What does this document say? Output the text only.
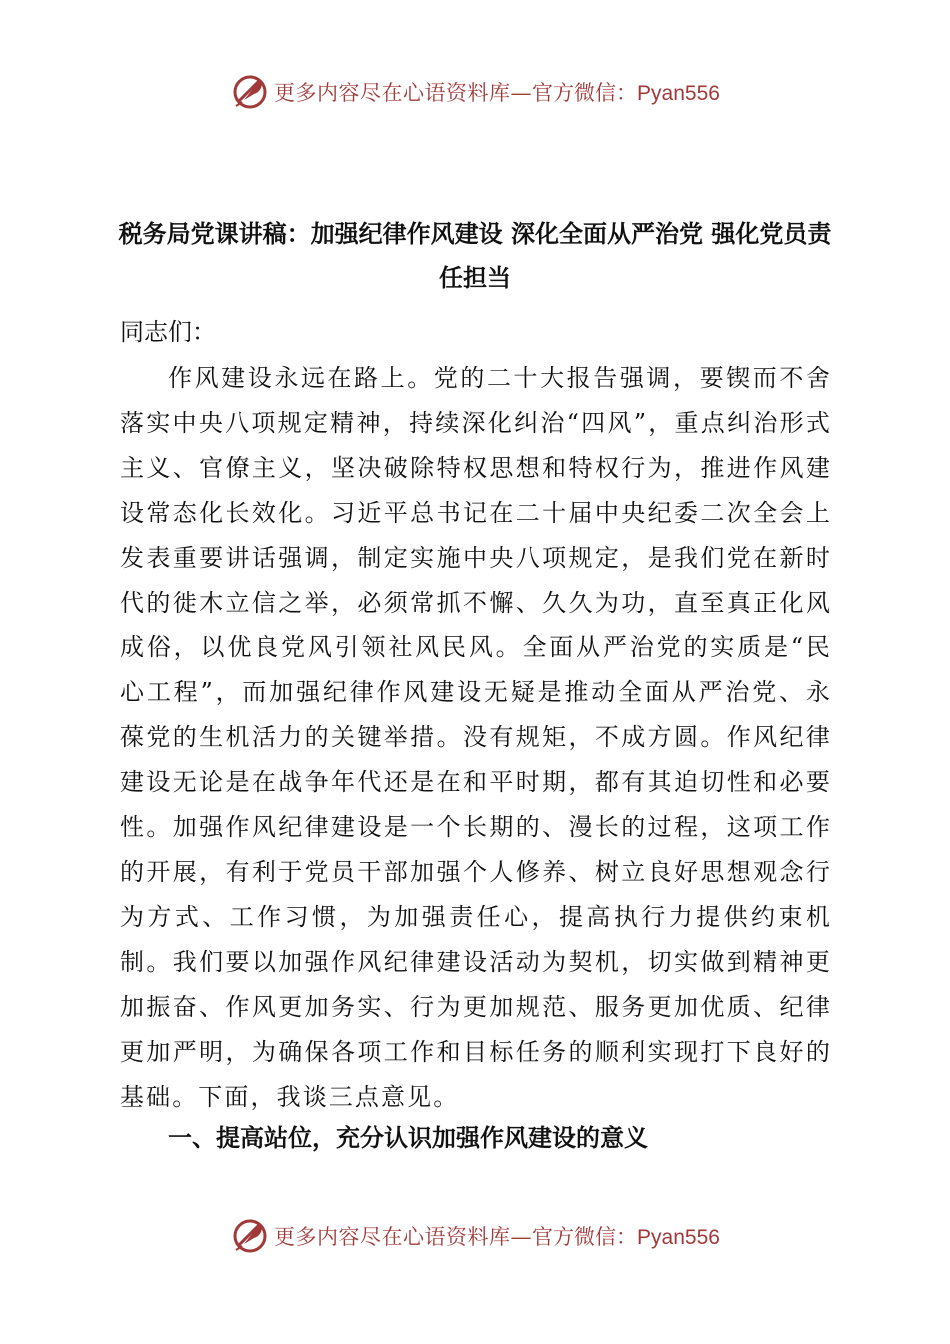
更多内容尽在心语资料库— 官方微信：Pyan556
税务局党课讲稿：加强纪律作风建设 深化全面从严治党 强化党员责任担当
同志们：

作风建设永远在路上。党的二十大报告强调，要锲而不舍落实中央八项规定精神，持续深化纠治“四风”，重点纠治形式主义、官僚主义，坚决破除特权思想和特权行为，推进作风建设常态化长效化。习近平总书记在二十届中央纪委二次全会上发表重要讲话强调，制定实施中央八项规定，是我们党在新时代的徙木立信之举，必须常抓不懈、久久为功，直至真正化风成俗，以优良党风引领社风民风。全面从严治党的实质是“民心工程”，而加强纪律作风建设无疑是推动全面从严治党、永葆党的生机活力的关键举措。没有规矩，不成方圆。作风纪律建设无论是在战争年代还是在和平时期，都有其迫切性和必要性。加强作风纪律建设是一个长期的、漫长的过程，这项工作的开展，有利于党员干部加强个人修养、树立良好思想观念行为方式、工作习惯，为加强责任心，提高执行力提供约束机制。我们要以加强作风纪律建设活动为契机，切实做到精神更加振奋、作风更加务实、行为更加规范、服务更加优质、纪律更加严明，为确保各项工作和目标任务的顺利实现打下良好的基础。下面，我谈三点意见。

一、提高站位，充分认识加强作风建设的意义
更多内容尽在心语资料库— 官方微信：Pyan556
